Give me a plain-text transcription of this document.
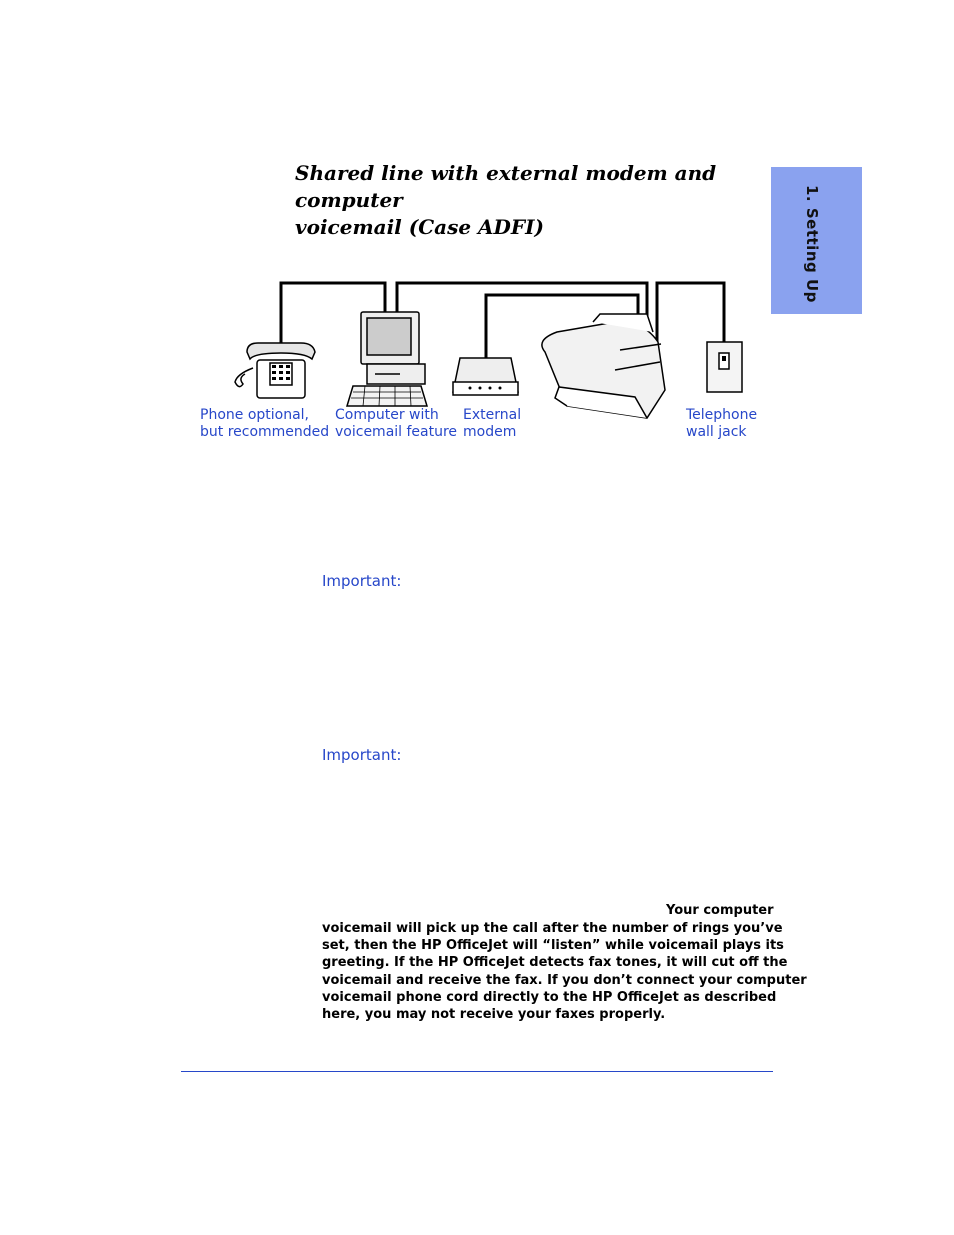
1. Setting Up
Shared line with external modem and computer
voicemail (Case ADFI)
Phone optional,
but recommended
Computer with
voicemail feature
External
modem
Telephone
wall jack
Important:
Important:
Your computer

voicemail will pick up the call after the number of rings you’ve
set, then the HP OfficeJet will “listen” while voicemail plays its
greeting. If the HP OfficeJet detects fax tones, it will cut off the
voicemail and receive the fax. If you don’t connect your computer
voicemail phone cord directly to the HP OfficeJet as described
here, you may not receive your faxes properly.
